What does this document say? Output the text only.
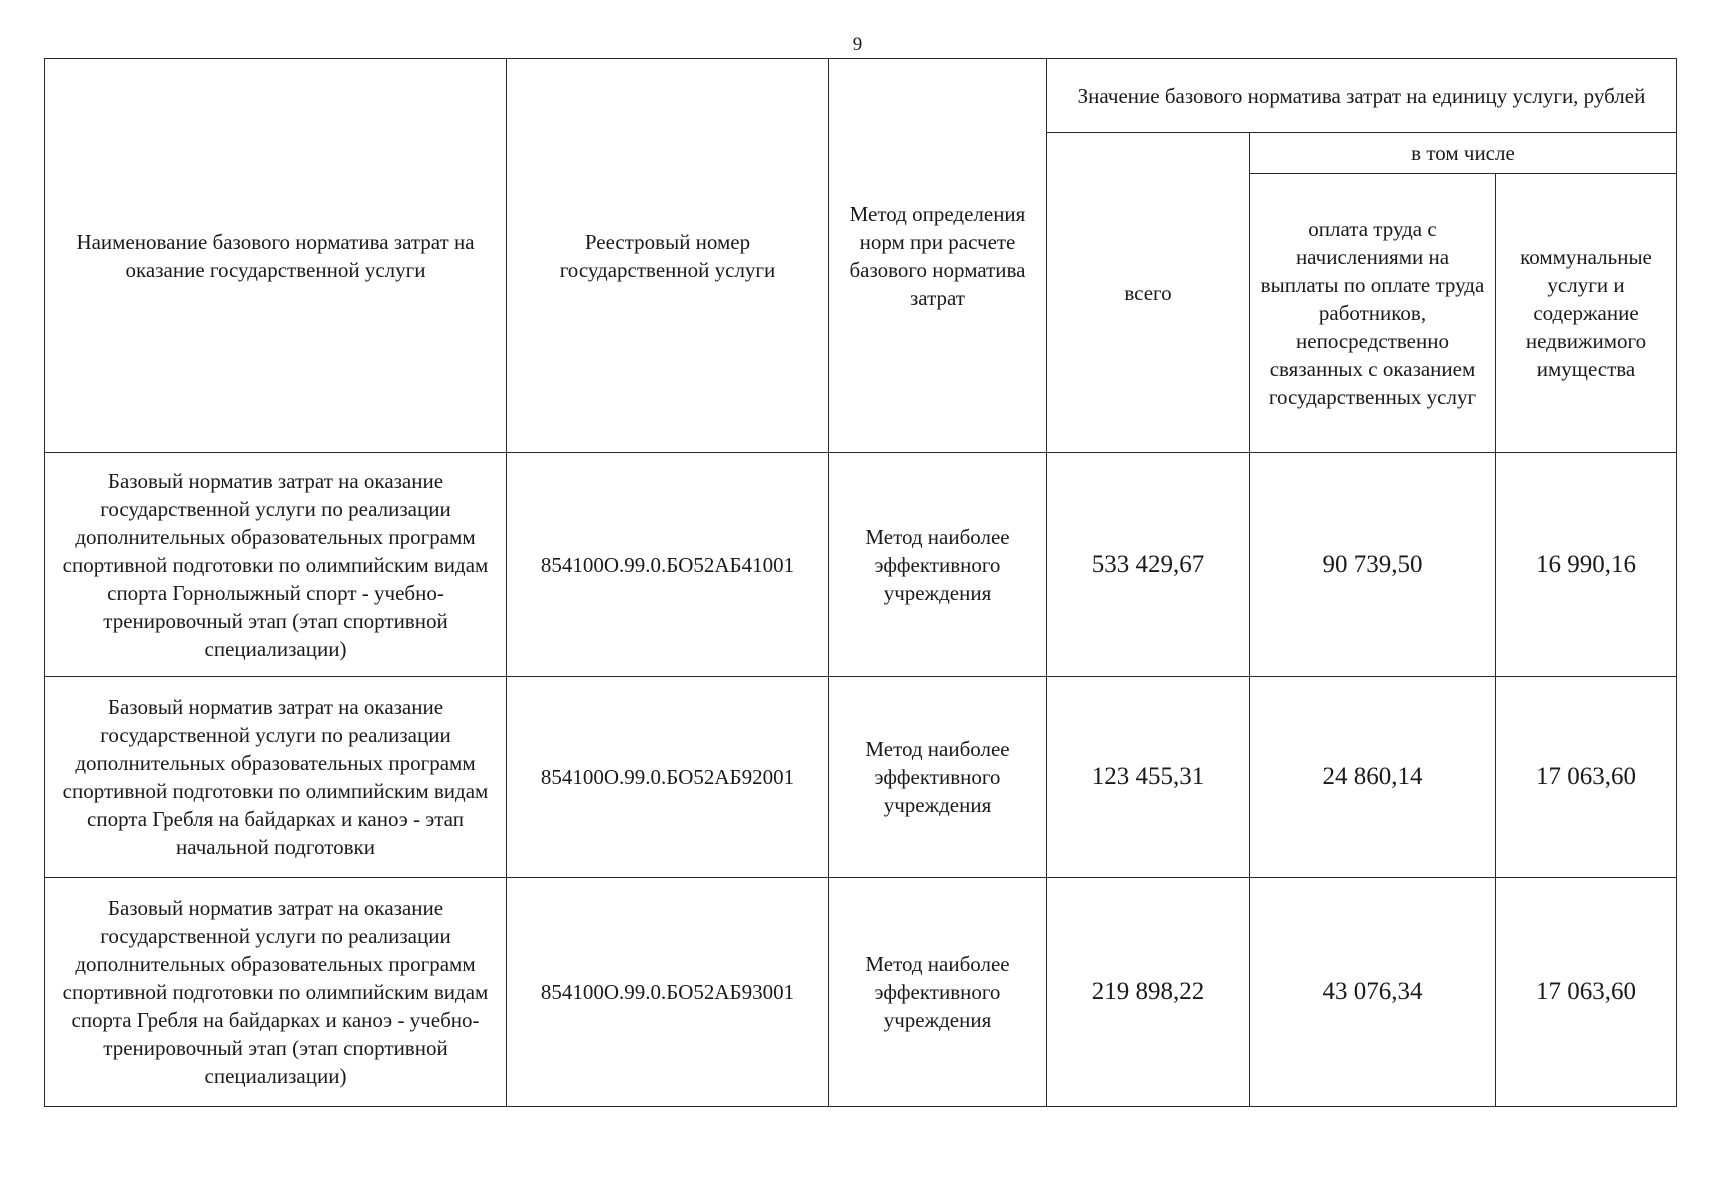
9
Наименование базового норматива затрат на оказание государственной услуги	Реестровый номер государственной услуги	Метод определения норм при расчете базового норматива затрат	Значение базового норматива затрат на единицу услуги, рублей		
			всего	в том числе	
				оплата труда с начислениями на выплаты по оплате труда работников, непосредственно связанных с оказанием государственных услуг	коммунальные услуги и содержание недвижимого имущества
Базовый норматив затрат на оказание государственной услуги по реализации дополнительных образовательных программ спортивной подготовки по олимпийским видам спорта Горнолыжный спорт - учебно-тренировочный этап (этап спортивной специализации)	854100О.99.0.БО52АБ41001	Метод наиболее эффективного учреждения	533 429,67	90 739,50	16 990,16
Базовый норматив затрат на оказание государственной услуги по реализации дополнительных образовательных программ спортивной подготовки по олимпийским видам спорта Гребля на байдарках и каноэ - этап начальной подготовки	854100О.99.0.БО52АБ92001	Метод наиболее эффективного учреждения	123 455,31	24 860,14	17 063,60
Базовый норматив затрат на оказание государственной услуги по реализации дополнительных образовательных программ спортивной подготовки по олимпийским видам спорта Гребля на байдарках и каноэ - учебно-тренировочный этап (этап спортивной специализации)	854100О.99.0.БО52АБ93001	Метод наиболее эффективного учреждения	219 898,22	43 076,34	17 063,60
